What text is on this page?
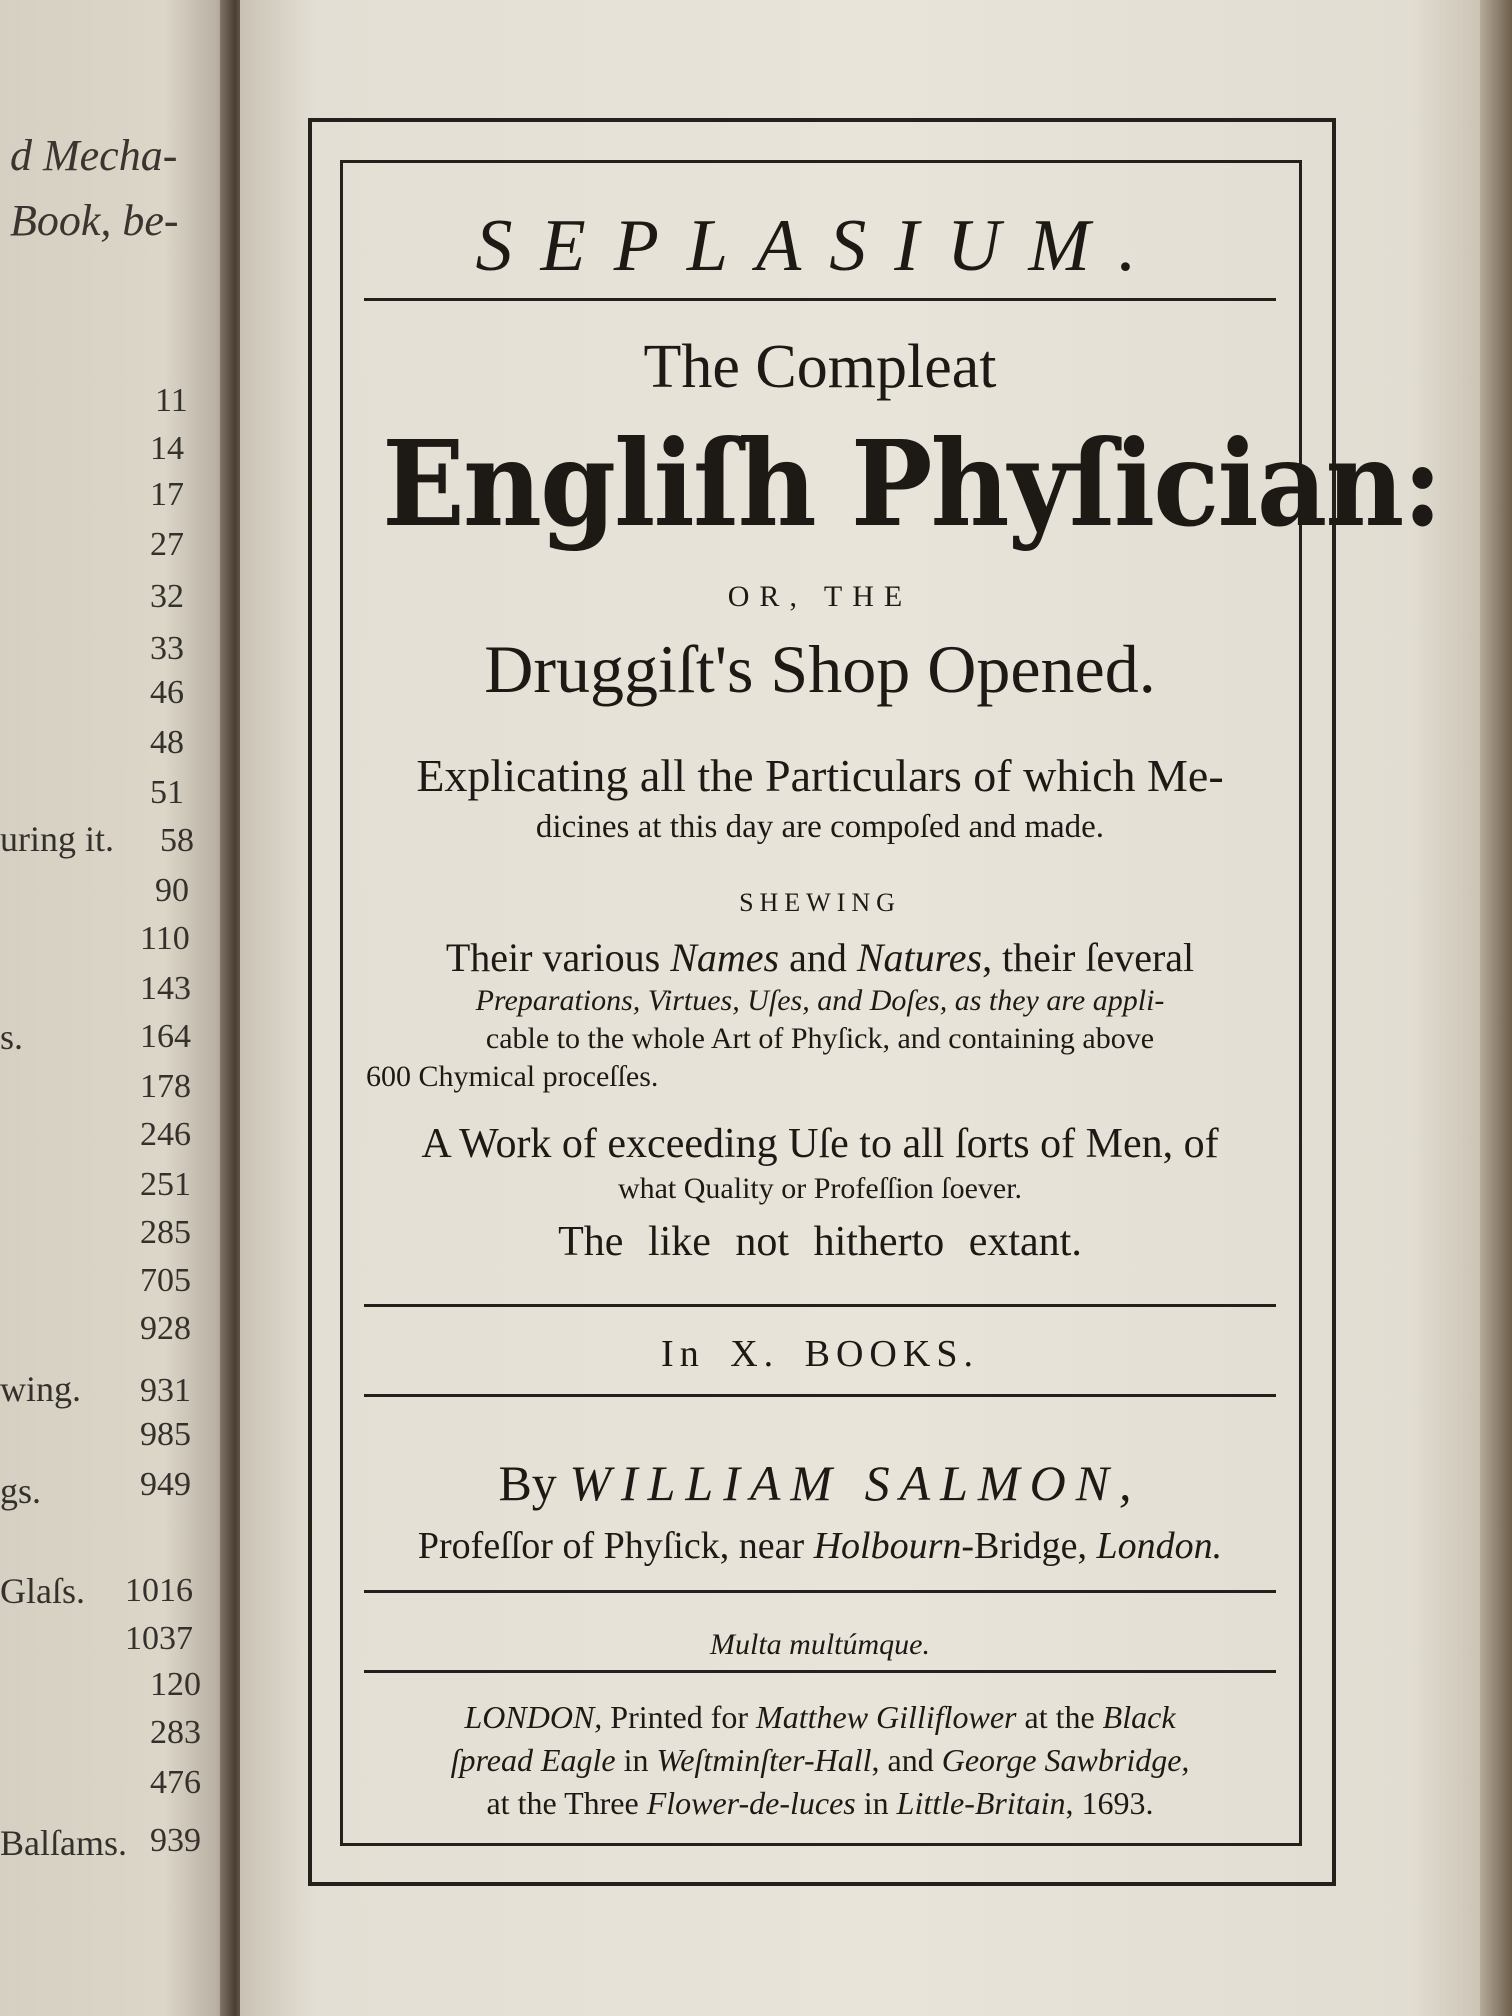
d Mecha-
Book, be-
11
14
17
27
32
33
46
48
51
uring it. 58
90
110
143
s.	164
178
246
251
285
705
928
wing. 931
985
gs.	949
Glaſs. 1016
1037
120
283
476
Balſams. 939
SEPLASIUM.
The Compleat
Engliſh Phyſician:
OR, THE
Druggiſt's Shop Opened.
Explicating all the Particulars of which Me-
dicines at this day are compoſed and made.
SHEWING
Their various Names and Natures, their ſeveral
Preparations, Virtues, Uſes, and Doſes, as they are appli-
cable to the whole Art of Phyſick, and containing above
600 Chymical proceſſes.
A Work of exceeding Uſe to all ſorts of Men, of
what Quality or Profeſſion ſoever.
The like not hitherto extant.
In X. BOOKS.
By WILLIAM SALMON,
Profeſſor of Phyſick, near Holbourn-Bridge, London.
Multa multúmque.
LONDON, Printed for Matthew Gilliflower at the Black
ſpread Eagle in Weſtminſter-Hall, and George Sawbridge,
at the Three Flower-de-luces in Little-Britain, 1693.
